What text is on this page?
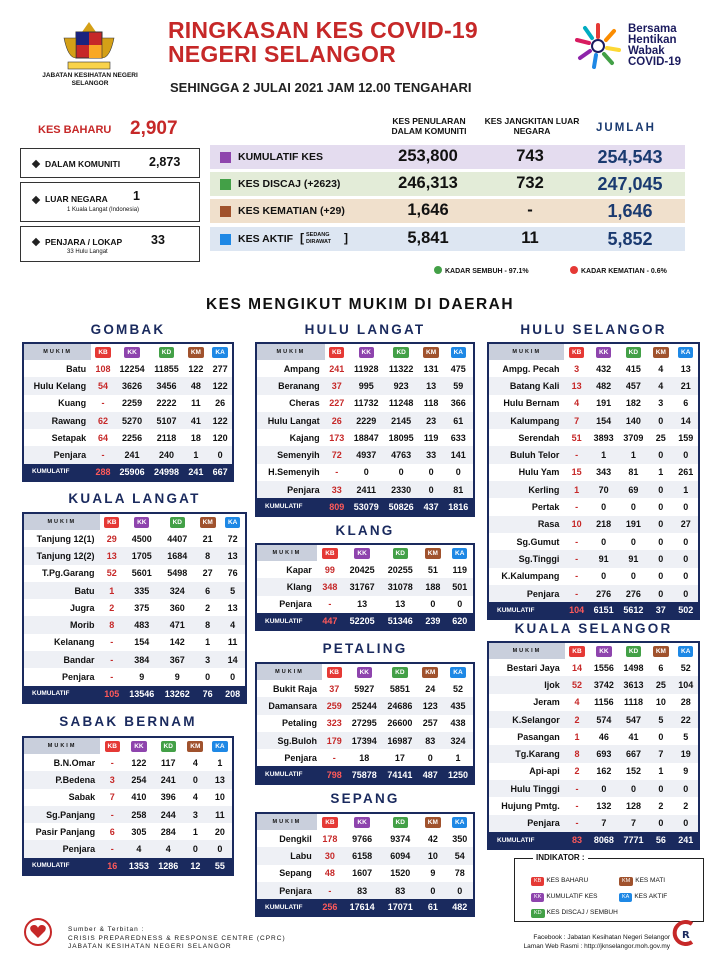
JABATAN KESIHATAN NEGERI SELANGOR
RINGKASAN KES COVID-19
NEGERI SELANGOR
SEHINGGA 2 JULAI 2021 JAM 12.00 TENGAHARI
Bersama
Hentikan
Wabak
COVID-19
KES BAHARU 2,907
DALAM KOMUNITI 2,873
LUAR NEGARA 1
1 Kuala Langat (Indonesia)
PENJARA / LOKAP 33
33 Hulu Langat
KES PENULARAN DALAM KOMUNITI
KES JANGKITAN LUAR NEGARA	JUMLAH
KUMULATIF KES	253,800	743	254,543
KES DISCAJ (+2623)	246,313	732	247,045
KES KEMATIAN (+29)	1,646	-	1,646
KES AKTIF [ SEDANG DIRAWAT	]	5,841	11	5,852
KADAR SEMBUH - 97.1%	KADAR KEMATIAN - 0.6%
KES MENGIKUT MUKIM DI DAERAH
GOMBAK
MUKIM	KB	KK	KD	KM	KA
Batu	108	12254	11855	122	277
Hulu Kelang	54	3626	3456	48	122
Kuang	-	2259	2222	11	26
Rawang	62	5270	5107	41	122
Setapak	64	2256	2118	18	120
Penjara	-	241	240	1	0
KUMULATIF	288	25906	24998	241	667
KUALA LANGAT
MUKIM	KB	KK	KD	KM	KA
Tanjung 12(1)	29	4500	4407	21	72
Tanjung 12(2)	13	1705	1684	8	13
T.Pg.Garang	52	5601	5498	27	76
Batu	1	335	324	6	5
Jugra	2	375	360	2	13
Morib	8	483	471	8	4
Kelanang	-	154	142	1	11
Bandar	-	384	367	3	14
Penjara	-	9	9	0	0
KUMULATIF	105	13546	13262	76	208
SABAK BERNAM
MUKIM	KB	KK	KD	KM	KA
B.N.Omar	-	122	117	4	1
P.Bedena	3	254	241	0	13
Sabak	7	410	396	4	10
Sg.Panjang	-	258	244	3	11
Pasir Panjang	6	305	284	1	20
Penjara	-	4	4	0	0
KUMULATIF	16	1353	1286	12	55
HULU LANGAT
MUKIM	KB	KK	KD	KM	KA
Ampang	241	11928	11322	131	475
Beranang	37	995	923	13	59
Cheras	227	11732	11248	118	366
Hulu Langat	26	2229	2145	23	61
Kajang	173	18847	18095	119	633
Semenyih	72	4937	4763	33	141
H.Semenyih	-	0	0	0	0
Penjara	33	2411	2330	0	81
KUMULATIF	809	53079	50826	437	1816
KLANG
MUKIM	KB	KK	KD	KM	KA
Kapar	99	20425	20255	51	119
Klang	348	31767	31078	188	501
Penjara	-	13	13	0	0
KUMULATIF	447	52205	51346	239	620
PETALING
MUKIM	KB	KK	KD	KM	KA
Bukit Raja	37	5927	5851	24	52
Damansara	259	25244	24686	123	435
Petaling	323	27295	26600	257	438
Sg.Buloh	179	17394	16987	83	324
Penjara	-	18	17	0	1
KUMULATIF	798	75878	74141	487	1250
SEPANG
MUKIM	KB	KK	KD	KM	KA
Dengkil	178	9766	9374	42	350
Labu	30	6158	6094	10	54
Sepang	48	1607	1520	9	78
Penjara	-	83	83	0	0
KUMULATIF	256	17614	17071	61	482
HULU SELANGOR
MUKIM	KB	KK	KD	KM	KA
Ampg. Pecah	3	432	415	4	13
Batang Kali	13	482	457	4	21
Hulu Bernam	4	191	182	3	6
Kalumpang	7	154	140	0	14
Serendah	51	3893	3709	25	159
Buluh Telor	-	1	1	0	0
Hulu Yam	15	343	81	1	261
Kerling	1	70	69	0	1
Pertak	-	0	0	0	0
Rasa	10	218	191	0	27
Sg.Gumut	-	0	0	0	0
Sg.Tinggi	-	91	91	0	0
K.Kalumpang	-	0	0	0	0
Penjara	-	276	276	0	0
KUMULATIF	104	6151	5612	37	502
KUALA SELANGOR
MUKIM	KB	KK	KD	KM	KA
Bestari Jaya	14	1556	1498	6	52
Ijok	52	3742	3613	25	104
Jeram	4	1156	1118	10	28
K.Selangor	2	574	547	5	22
Pasangan	1	46	41	0	5
Tg.Karang	8	693	667	7	19
Api-api	2	162	152	1	9
Hulu Tinggi	-	0	0	0	0
Hujung Pmtg.	-	132	128	2	2
Penjara	-	7	7	0	0
KUMULATIF	83	8068	7771	56	241
INDIKATOR :
KB KES BAHARU
KK KUMULATIF KES
KD KES DISCAJ / SEMBUH
KM KES MATI
KA KES AKTIF
Sumber & Terbitan :
CRISIS PREPAREDNESS & RESPONSE CENTRE (CPRC)
JABATAN KESIHATAN NEGERI SELANGOR
Facebook : Jabatan Kesihatan Negeri Selangor
Laman Web Rasmi : http://jknselangor.moh.gov.my
R
